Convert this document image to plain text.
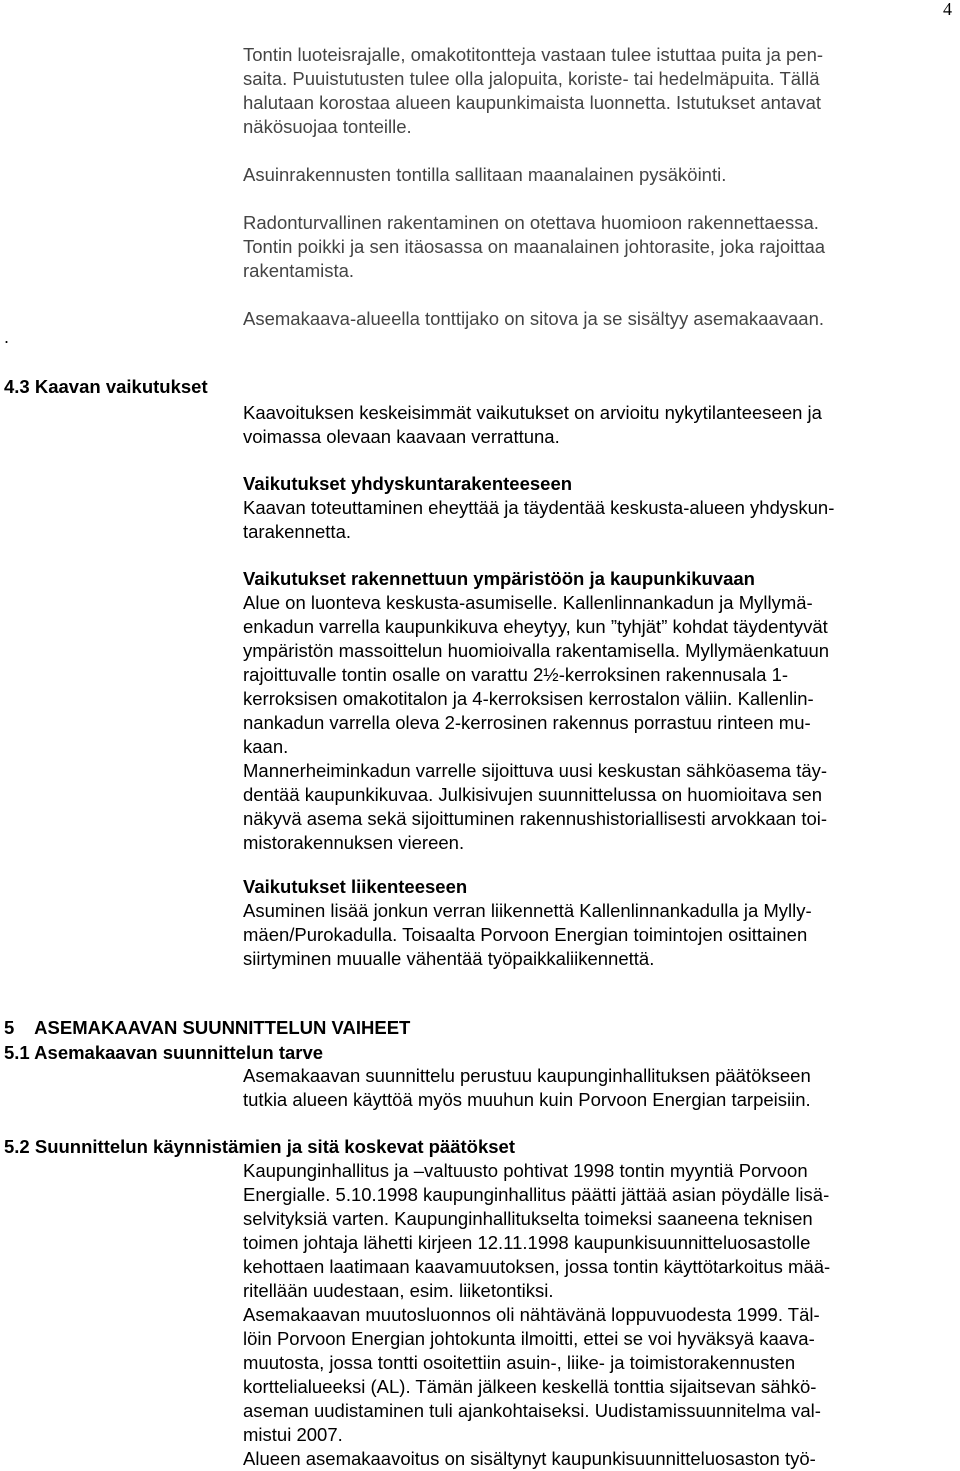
4
.
Tontin luoteisrajalle, omakotitontteja vastaan tulee istuttaa puita ja pen-
saita. Puuistutusten tulee olla jalopuita, koriste- tai hedelmäpuita. Tällä
halutaan korostaa alueen kaupunkimaista luonnetta. Istutukset antavat
näkösuojaa tonteille.
Asuinrakennusten tontilla sallitaan maanalainen pysäköinti.
Radonturvallinen rakentaminen on otettava huomioon rakennettaessa.
Tontin poikki ja sen itäosassa on maanalainen johtorasite, joka rajoittaa
rakentamista.
Asemakaava-alueella tonttijako on sitova ja se sisältyy asemakaavaan.
4.3 Kaavan vaikutukset
Kaavoituksen keskeisimmät vaikutukset on arvioitu nykytilanteeseen ja
voimassa olevaan kaavaan verrattuna.
Vaikutukset yhdyskuntarakenteeseen
Kaavan toteuttaminen eheyttää ja täydentää keskusta-alueen yhdyskun-
tarakennetta.
Vaikutukset rakennettuun ympäristöön ja kaupunkikuvaan
Alue on luonteva keskusta-asumiselle. Kallenlinnankadun ja Myllymä-
enkadun varrella kaupunkikuva eheytyy, kun ”tyhjät” kohdat täydentyvät
ympäristön massoittelun huomioivalla rakentamisella. Myllymäenkatuun
rajoittuvalle tontin osalle on varattu 2½-kerroksinen rakennusala 1-
kerroksisen omakotitalon ja 4-kerroksisen kerrostalon väliin. Kallenlin-
nankadun varrella oleva 2-kerrosinen rakennus porrastuu rinteen mu-
kaan.
Mannerheiminkadun varrelle sijoittuva uusi keskustan sähköasema täy-
dentää kaupunkikuvaa. Julkisivujen suunnittelussa on huomioitava sen
näkyvä asema sekä sijoittuminen rakennushistoriallisesti arvokkaan toi-
mistorakennuksen viereen.
Vaikutukset liikenteeseen
Asuminen lisää jonkun verran liikennettä Kallenlinnankadulla ja Mylly-
mäen/Purokadulla. Toisaalta Porvoon Energian toimintojen osittainen
siirtyminen muualle vähentää työpaikkaliikennettä.
5    ASEMAKAAVAN SUUNNITTELUN VAIHEET
5.1 Asemakaavan suunnittelun tarve
Asemakaavan suunnittelu perustuu kaupunginhallituksen päätökseen
tutkia alueen käyttöä myös muuhun kuin Porvoon Energian tarpeisiin.
5.2 Suunnittelun käynnistämien ja sitä koskevat päätökset
Kaupunginhallitus ja –valtuusto pohtivat 1998 tontin myyntiä Porvoon
Energialle. 5.10.1998 kaupunginhallitus päätti jättää asian pöydälle lisä-
selvityksiä varten. Kaupunginhallitukselta toimeksi saaneena teknisen
toimen johtaja lähetti kirjeen 12.11.1998 kaupunkisuunnitteluosastolle
kehottaen laatimaan kaavamuutoksen, jossa tontin käyttötarkoitus mää-
ritellään uudestaan, esim. liiketontiksi.
Asemakaavan muutosluonnos oli nähtävänä loppuvuodesta 1999. Täl-
löin Porvoon Energian johtokunta ilmoitti, ettei se voi hyväksyä kaava-
muutosta, jossa tontti osoitettiin asuin-, liike- ja toimistorakennusten
korttelialueeksi (AL). Tämän jälkeen keskellä tonttia sijaitsevan sähkö-
aseman uudistaminen tuli ajankohtaiseksi. Uudistamissuunnitelma val-
mistui 2007.
Alueen asemakaavoitus on sisältynyt kaupunkisuunnitteluosaston työ-
